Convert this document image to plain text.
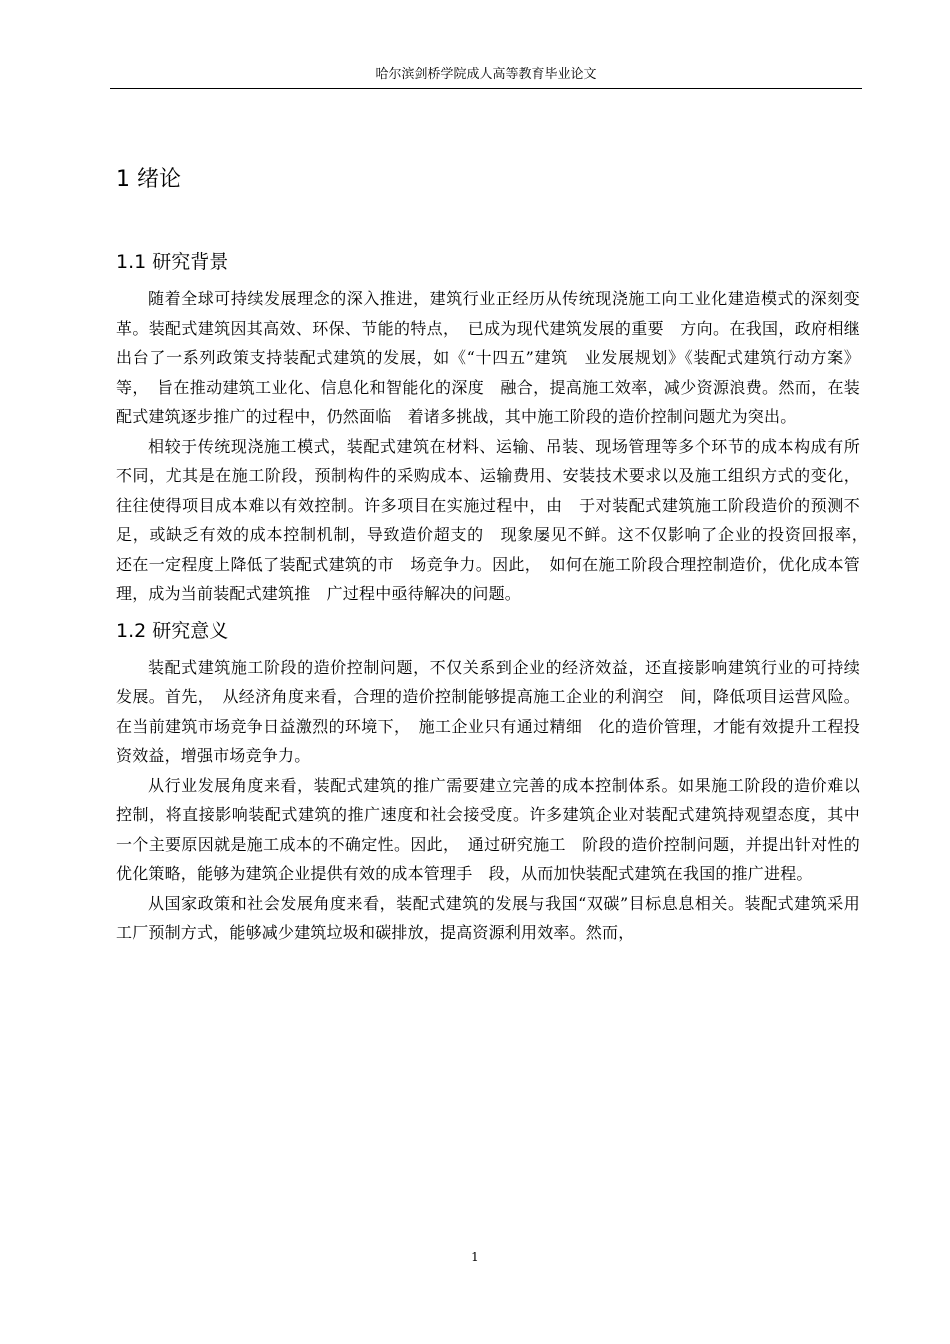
哈尔滨剑桥学院成人高等教育毕业论文
1 绪论
1.1 研究背景

随着全球可持续发展理念的深入推进，建筑行业正经历从传统现浇施工向工业化建造模式的深刻变革。装配式建筑因其高效、环保、节能的特点，　已成为现代建筑发展的重要　方向。在我国，政府相继出台了一系列政策支持装配式建筑的发展，如《“十四五”建筑　业发展规划》《装配式建筑行动方案》等，　旨在推动建筑工业化、信息化和智能化的深度　融合，提高施工效率，减少资源浪费。然而，在装配式建筑逐步推广的过程中，仍然面临　着诸多挑战，其中施工阶段的造价控制问题尤为突出。

相较于传统现浇施工模式，装配式建筑在材料、运输、吊装、现场管理等多个环节的成本构成有所不同，尤其是在施工阶段，预制构件的采购成本、运输费用、安装技术要求以及施工组织方式的变化，往往使得项目成本难以有效控制。许多项目在实施过程中，由　于对装配式建筑施工阶段造价的预测不足，或缺乏有效的成本控制机制，导致造价超支的　现象屡见不鲜。这不仅影响了企业的投资回报率，　还在一定程度上降低了装配式建筑的市　场竞争力。因此，　如何在施工阶段合理控制造价，优化成本管理，成为当前装配式建筑推　广过程中亟待解决的问题。

1.2 研究意义

装配式建筑施工阶段的造价控制问题，不仅关系到企业的经济效益，还直接影响建筑行业的可持续发展。首先，　从经济角度来看，合理的造价控制能够提高施工企业的利润空　间，降低项目运营风险。在当前建筑市场竞争日益激烈的环境下，　施工企业只有通过精细　化的造价管理，才能有效提升工程投资效益，增强市场竞争力。

从行业发展角度来看，装配式建筑的推广需要建立完善的成本控制体系。如果施工阶段的造价难以控制，将直接影响装配式建筑的推广速度和社会接受度。许多建筑企业对装配式建筑持观望态度，其中一个主要原因就是施工成本的不确定性。因此，　通过研究施工　阶段的造价控制问题，并提出针对性的优化策略，能够为建筑企业提供有效的成本管理手　段，从而加快装配式建筑在我国的推广进程。

从国家政策和社会发展角度来看，装配式建筑的发展与我国“双碳”目标息息相关。装配式建筑采用工厂预制方式，能够减少建筑垃圾和碳排放，提高资源利用效率。然而，

1
